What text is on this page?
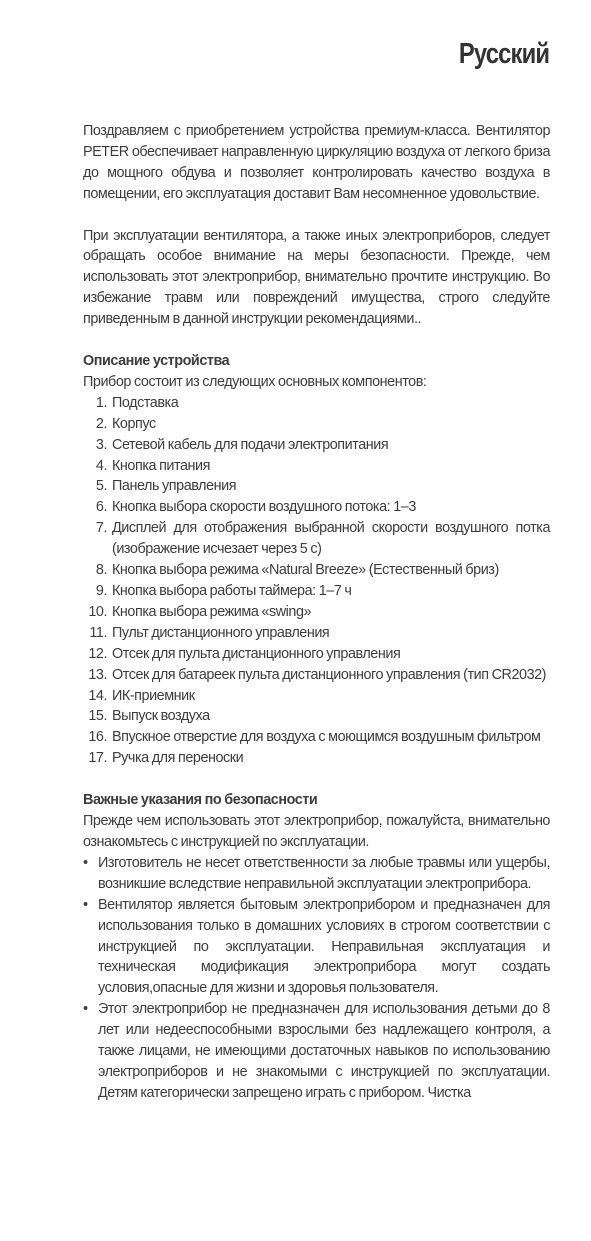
Русский

Поздравляем с приобретением устройства премиум-класса. Вентилятор PETER обеспечивает направленную циркуляцию воздуха от легкого бриза до мощного обдува и позволяет контролировать качество воздуха в помещении, его эксплуатация доставит Вам несомненное удовольствие.

При эксплуатации вентилятора, а также иных электроприборов, следует обращать особое внимание на меры безопасности. Прежде, чем использовать этот электроприбор, внимательно прочтите инструкцию. Во избежание травм или повреждений имущества, строго следуйте приведенным в данной инструкции рекомендациями..

Описание устройства

Прибор состоит из следующих основных компонентов:

1. Подставка
2. Корпус
3. Сетевой кабель для подачи электропитания
4. Кнопка питания
5. Панель управления
6. Кнопка выбора скорости воздушного потока: 1–3
7. Дисплей для отображения выбранной скорости воздушного потка (изображение исчезает через 5 с)
8. Кнопка выбора режима «Natural Breeze» (Естественный бриз)
9. Кнопка выбора работы таймера: 1–7 ч
10. Кнопка выбора режима «swing»
11. Пульт дистанционного управления
12. Отсек для пульта дистанционного управления
13. Отсек для батареек пульта дистанционного управления (тип CR2032)
14. ИК-приемник
15. Выпуск воздуха
16. Впускное отверстие для воздуха с моющимся воздушным фильтром
17. Ручка для переноски
Важные указания по безопасности

Прежде чем использовать этот электроприбор, пожалуйста, внимательно ознакомьтесь с инструкцией по эксплуатации.

• Изготовитель не несет ответственности за любые травмы или ущербы, возникшие вследствие неправильной эксплуатации электроприбора.
• Вентилятор является бытовым электроприбором и предназначен для использования только в домашних условиях в строгом соответствии с инструкцией по эксплуатации. Неправильная эксплуатация и техническая модификация электроприбора могут создать условия,опасные для жизни и здоровья пользователя.
• Этот электроприбор не предназначен для использования детьми до 8 лет или недееспособными взрослыми без надлежащего контроля, а также лицами, не имеющими достаточных навыков по использованию электроприборов и не знакомыми с инструкцией по эксплуатации. Детям категорически запрещено играть с прибором. Чистка
